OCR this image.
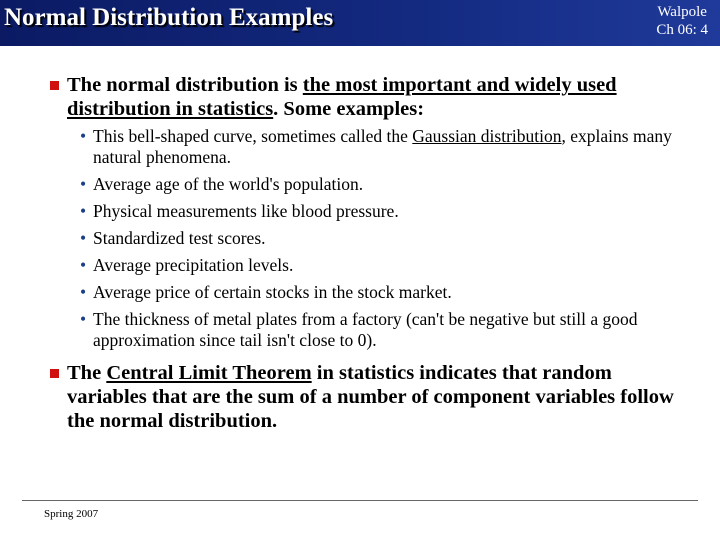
Normal Distribution Examples	Walpole
Ch 06: 4
The normal distribution is the most important and widely used distribution in statistics. Some examples:
• This bell-shaped curve, sometimes called the Gaussian distribution, explains many natural phenomena.
• Average age of the world's population.
• Physical measurements like blood pressure.
• Standardized test scores.
• Average precipitation levels.
• Average price of certain stocks in the stock market.
• The thickness of metal plates from a factory (can't be negative but still a good approximation since tail isn't close to 0).
The Central Limit Theorem in statistics indicates that random variables that are the sum of a number of component variables follow the normal distribution.
Spring 2007
